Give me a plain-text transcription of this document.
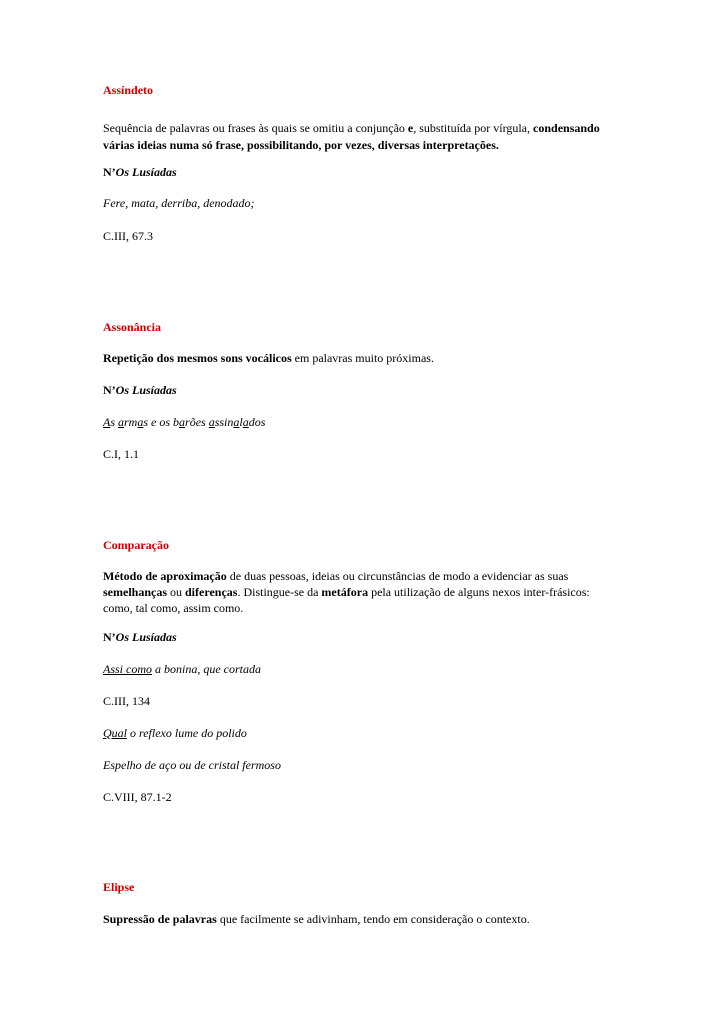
Assíndeto
Sequência de palavras ou frases às quais se omitiu a conjunção e, substituída por vírgula, condensando
várias ideias numa só frase, possibilitando, por vezes, diversas interpretações.
N’Os Lusíadas
Fere, mata, derriba, denodado;
C.III, 67.3
Assonância
Repetição dos mesmos sons vocálicos em palavras muito próximas.
N’Os Lusíadas
As armas e os barões assinalados
C.I, 1.1
Comparação
Método de aproximação de duas pessoas, ideias ou circunstâncias de modo a evidenciar as suas
semelhanças ou diferenças. Distingue-se da metáfora pela utilização de alguns nexos inter-frásicos:
como, tal como, assim como.
N’Os Lusíadas
Assi como a bonina, que cortada
C.III, 134
Qual o reflexo lume do polido
Espelho de aço ou de cristal fermoso
C.VIII, 87.1-2
Elipse
Supressão de palavras que facilmente se adivinham, tendo em consideração o contexto.
